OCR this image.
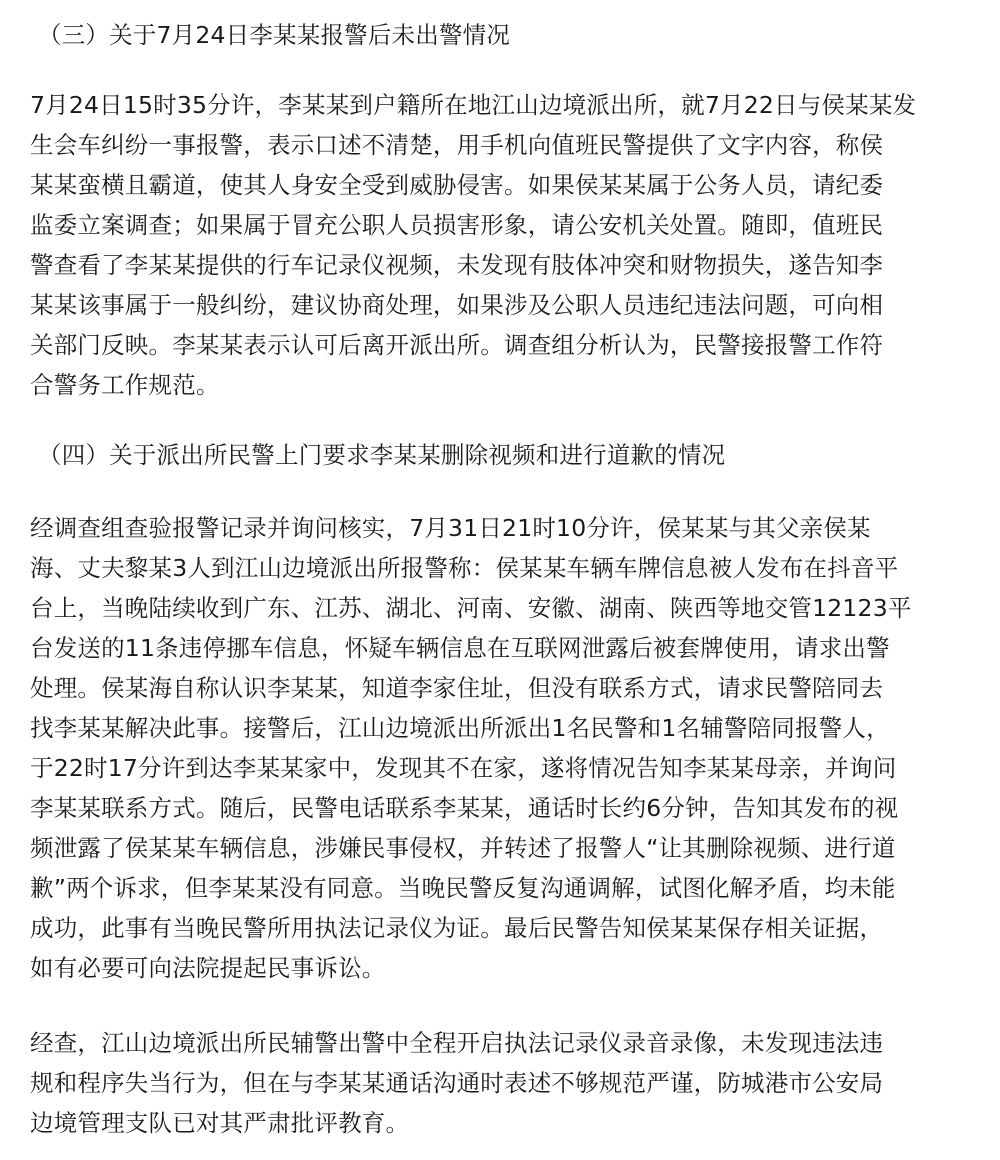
（三）关于7月24日李某某报警后未出警情况
7月24日15时35分许，李某某到户籍所在地江山边境派出所，就7月22日与侯某某发
生会车纠纷一事报警，表示口述不清楚，用手机向值班民警提供了文字内容，称侯
某某蛮横且霸道，使其人身安全受到威胁侵害。如果侯某某属于公务人员，请纪委
监委立案调查；如果属于冒充公职人员损害形象，请公安机关处置。随即，值班民
警查看了李某某提供的行车记录仪视频，未发现有肢体冲突和财物损失，遂告知李
某某该事属于一般纠纷，建议协商处理，如果涉及公职人员违纪违法问题，可向相
关部门反映。李某某表示认可后离开派出所。调查组分析认为，民警接报警工作符
合警务工作规范。
（四）关于派出所民警上门要求李某某删除视频和进行道歉的情况
经调查组查验报警记录并询问核实，7月31日21时10分许，侯某某与其父亲侯某
海、丈夫黎某3人到江山边境派出所报警称：侯某某车辆车牌信息被人发布在抖音平
台上，当晚陆续收到广东、江苏、湖北、河南、安徽、湖南、陕西等地交管12123平
台发送的11条违停挪车信息，怀疑车辆信息在互联网泄露后被套牌使用，请求出警
处理。侯某海自称认识李某某，知道李家住址，但没有联系方式，请求民警陪同去
找李某某解决此事。接警后，江山边境派出所派出1名民警和1名辅警陪同报警人，
于22时17分许到达李某某家中，发现其不在家，遂将情况告知李某某母亲，并询问
李某某联系方式。随后，民警电话联系李某某，通话时长约6分钟，告知其发布的视
频泄露了侯某某车辆信息，涉嫌民事侵权，并转述了报警人“让其删除视频、进行道
歉”两个诉求，但李某某没有同意。当晚民警反复沟通调解，试图化解矛盾，均未能
成功，此事有当晚民警所用执法记录仪为证。最后民警告知侯某某保存相关证据，
如有必要可向法院提起民事诉讼。
经查，江山边境派出所民辅警出警中全程开启执法记录仪录音录像，未发现违法违
规和程序失当行为，但在与李某某通话沟通时表述不够规范严谨，防城港市公安局
边境管理支队已对其严肃批评教育。
